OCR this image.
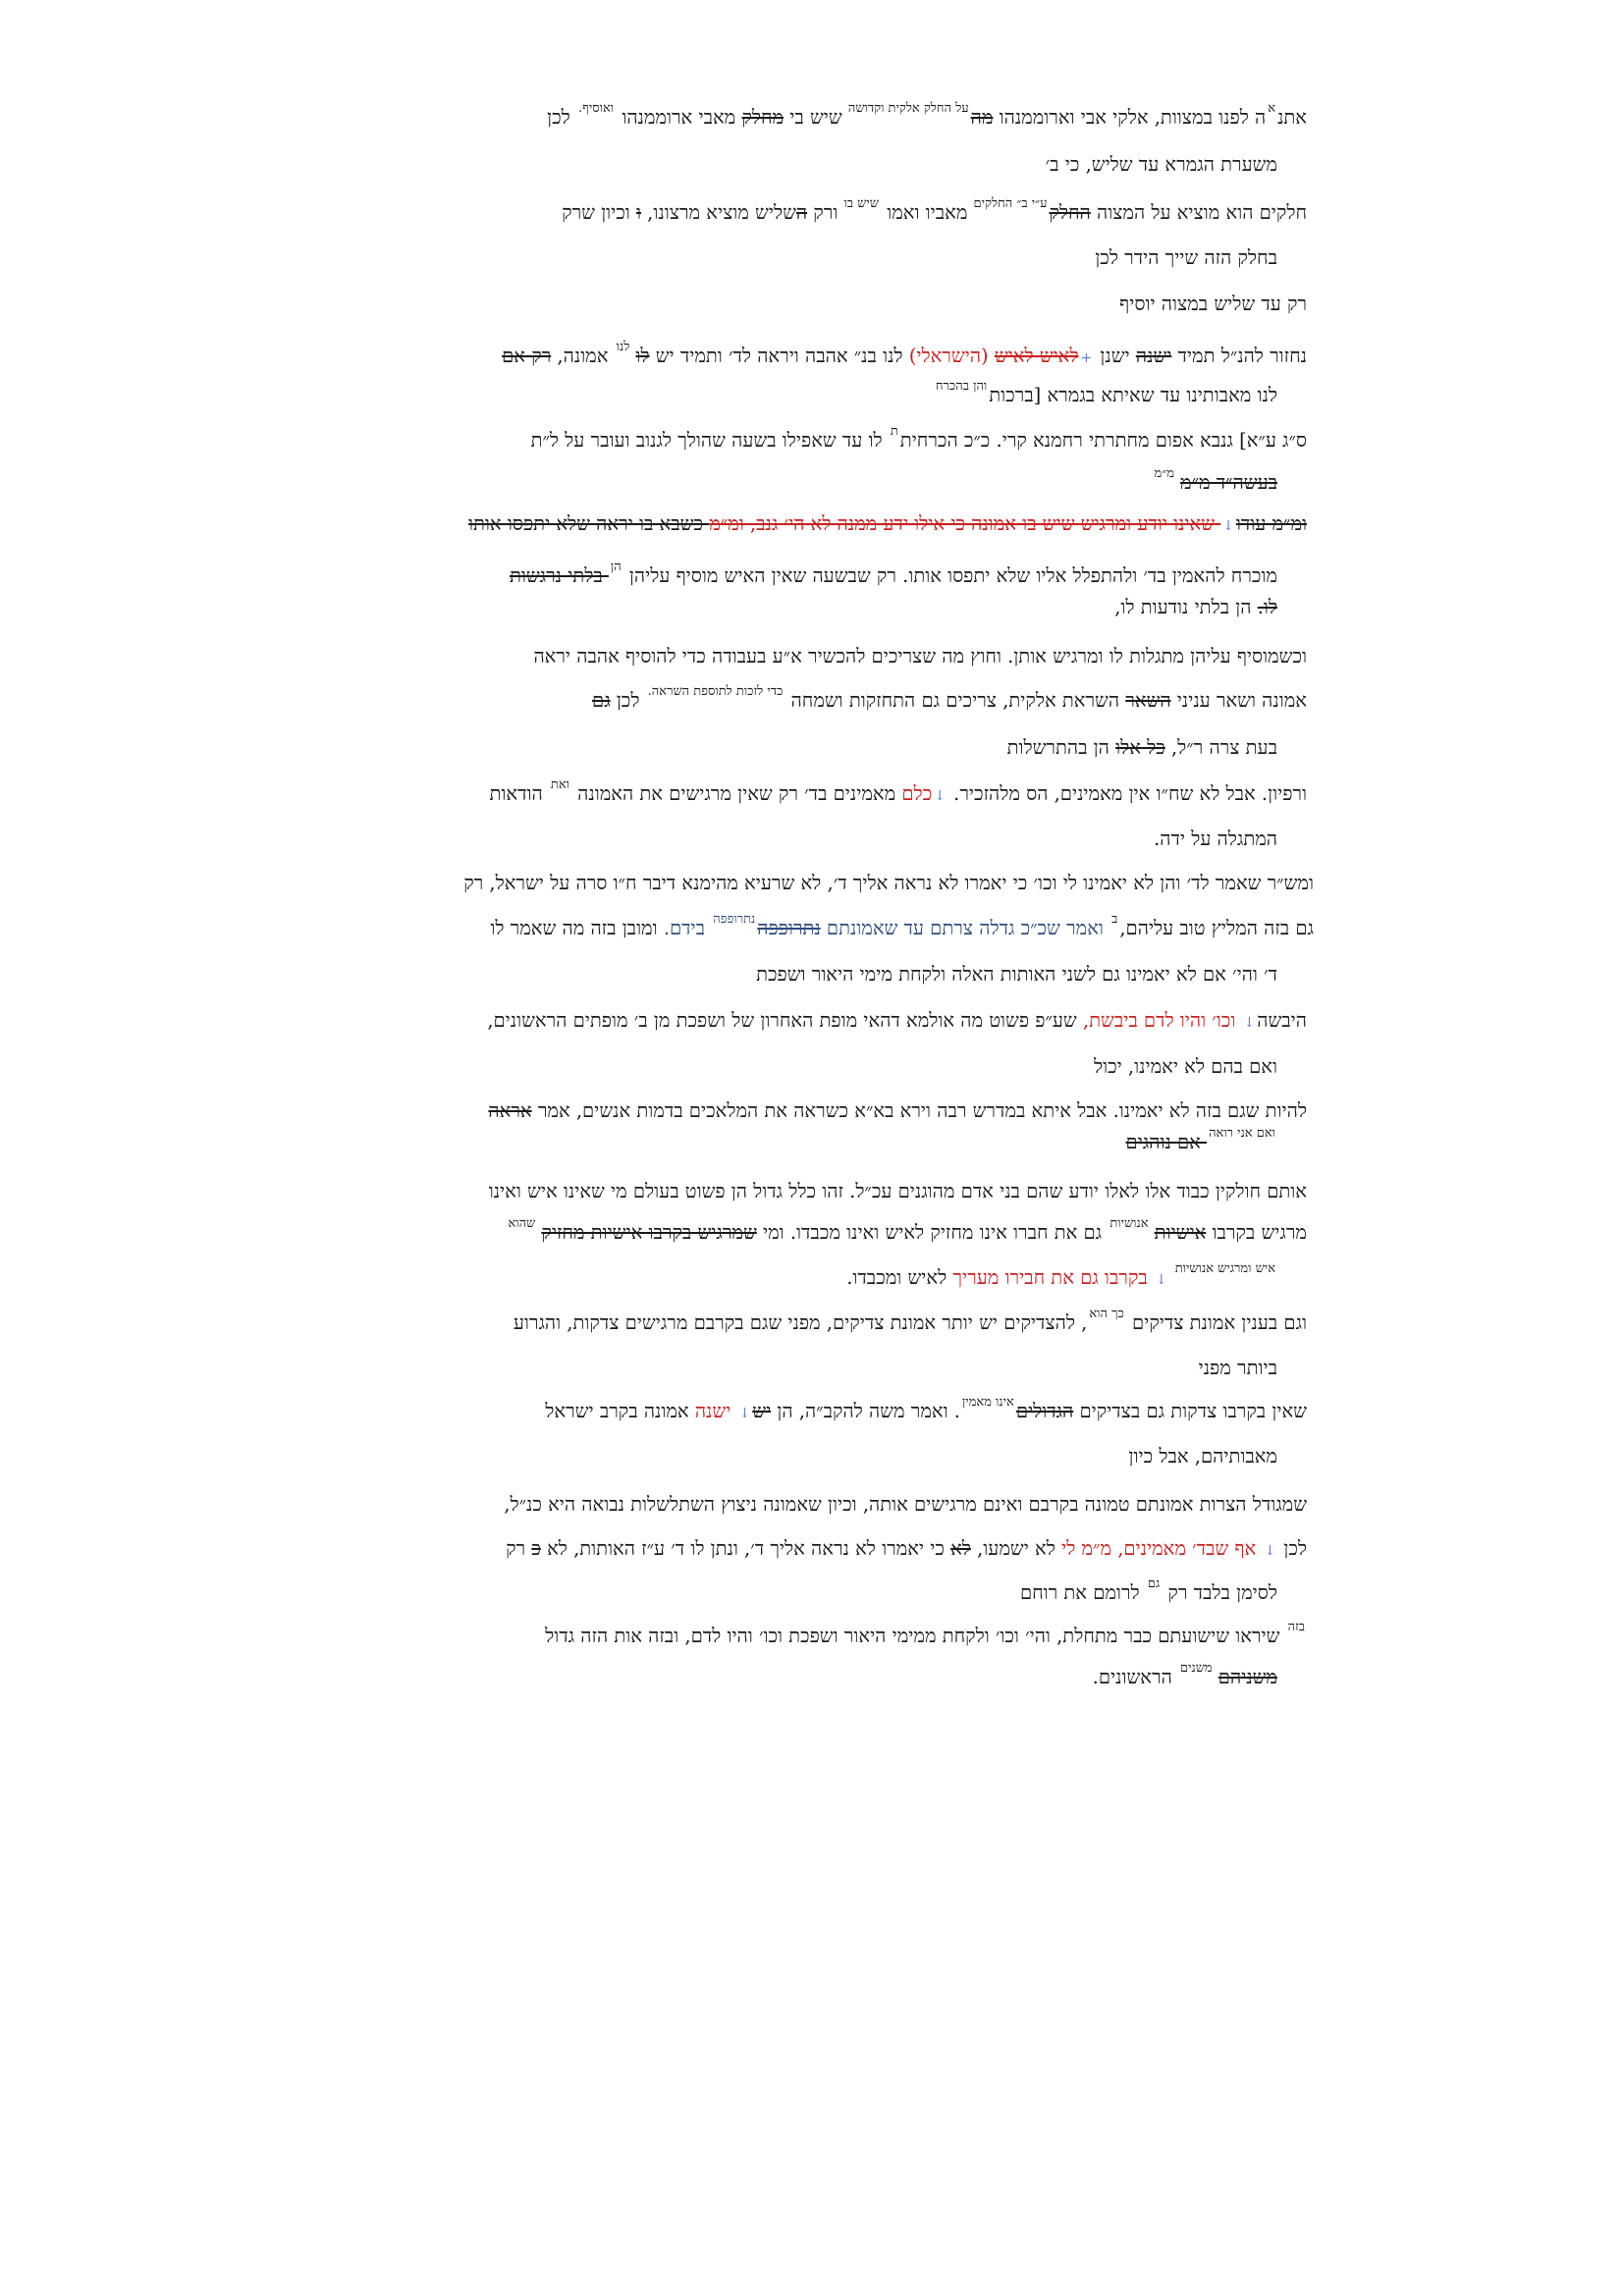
אתנ$^א$ה לפנו במצוות, אלקי אבי וארוממנהו מה$^{על החלק אלקית וקדושה}$ שיש בי מחלק מאבי ארוממנהו $^{ואוסיף.}$ לכן
משערת הגמרא עד שליש, כי ב׳
חלקים הוא מוציא על המצוה החלק$^{ע״י ב״ החלקים}$ מאביו ואמו $^{שיש בו}$ ורק השליש מוציא מרצונו, ו וכיון שרק
בחלק הזה שייך הידר לכן
רק עד שליש במצוה יוסיף
נחזור להנ״ל תמיד ישנה ישנן +לאיש לאיש (הישראלי) לנו בנ״ אהבה ויראה לד׳ ותמיד יש לו $^{לנו}$ אמונה, רק אם
לנו מאבותינו עד שאיתא בגמרא [ברכות$^{והן בהכרח}$
ס״ג ע״א] גנבא אפום מחתרתי רחמנא קרי. כ״כ הכרחית$^ת$ לו עד שאפילו בשעה שהולך לגנוב ועובר על ל״ת
בעשה״ד מ״מ $^{מ״מ}$
ומ״מ עודו↓ שאינו יודע ומרגיש שיש בו אמונה כי אילו ידע ממנה לא הי׳ גנב, ומ״מ כשבא בו יראה שלא יתפסו אותו
מוכרח להאמין בד׳ ולהתפלל אליו שלא יתפסו אותו. רק שבשעה שאין האיש מוסיף עליהן $^{הן}$ בלתי נרגשות
לו. הן בלתי נודעות לו,
וכשמוסיף עליהן מתגלות לו ומרגיש אותן. וחוץ מה שצריכים להכשיר א״ע בעבודה כדי להוסיף אהבה יראה
אמונה ושאר עניני השאר השראת אלקית, צריכים גם התחזקות ושמחה $^{כדי לזכות לתוספת השראה.}$ לכן גם
בעת צרה ר״ל, כל אלו הן בהתרשלות
ורפיון. אבל לא שח״ו אין מאמינים, הס מלהזכיר. ↓כלם מאמינים בד׳ רק שאין מרגישים את האמונה $^{ואת}$ הודאות
המתגלה על ידה.
ומש״ר שאמר לד׳ והן לא יאמינו לי וכו׳ כי יאמרו לא נראה אליך ד׳, לא שרעיא מהימנא דיבר ח״ו סרה על ישראל, רק
גם בזה המליץ טוב עליהם,$^ב$ ואמר שכ״כ גדלה צרתם עד שאמונתם נתרופפה$^{נתרופפה}$ בידם. ומובן בזה מה שאמר לו
ד׳ והי׳ אם לא יאמינו גם לשני האותות האלה ולקחת מימי היאור ושפכת
היבשה↓ וכו׳ והיו לדם ביבשת, שע״פ פשוט מה אולמא דהאי מופת האחרון של ושפכת מן ב׳ מופתים הראשונים,
ואם בהם לא יאמינו, יכול
להיות שגם בזה לא יאמינו. אבל איתא במדרש רבה וירא בא״א כשראה את המלאכים בדמות אנשים, אמר אראה
$^{ואם אני רואה}$ אם נוהגים
אותם חולקין כבוד אלו לאלו יודע שהם בני אדם מהוגנים עכ״ל. זהו כלל גדול הן פשוט בעולם מי שאינו איש ואינו
מרגיש בקרבו אישיות $^{אנושיות}$ גם את חברו אינו מחזיק לאיש ואינו מכבדו. ומי שמרגיש בקרבו אישיות מחזיק $^{שהוא}$
$^{איש ומרגיש אנושיות}$ ↓ בקרבו גם את חבירו מעריך לאיש ומכבדו.
וגם בענין אמונת צדיקים $^{כך הוא}$, להצדיקים יש יותר אמונת צדיקים, מפני שגם בקרבם מרגישים צדקות, והגרוע
ביותר מפני
שאין בקרבו צדקות גם בצדיקים הגדולים$^{אינו מאמין}$. ואמר משה להקב״ה, הן יש↓ ישנה אמונה בקרב ישראל
מאבותיהם, אבל כיון
שמגודל הצרות אמונתם טמונה בקרבם ואינם מרגישים אותה, וכיון שאמונה ניצוץ השתלשלות נבואה היא כנ״ל,
לכן ↓ אף שבד׳ מאמינים, מ״מ לי לא ישמעו, לא כי יאמרו לא נראה אליך ד׳, ונתן לו ד׳ ע״ז האותות, לא כ רק
לסימן בלבד רק $^{גם}$ לרומם את רוחם
$^{בזה}$ שיראו שישועתם כבר מתחלת, והי׳ וכו׳ ולקחת ממימי היאור ושפכת וכו׳ והיו לדם, ובזה אות הזה גדול
משניהם $^{משנים}$ הראשונים.
